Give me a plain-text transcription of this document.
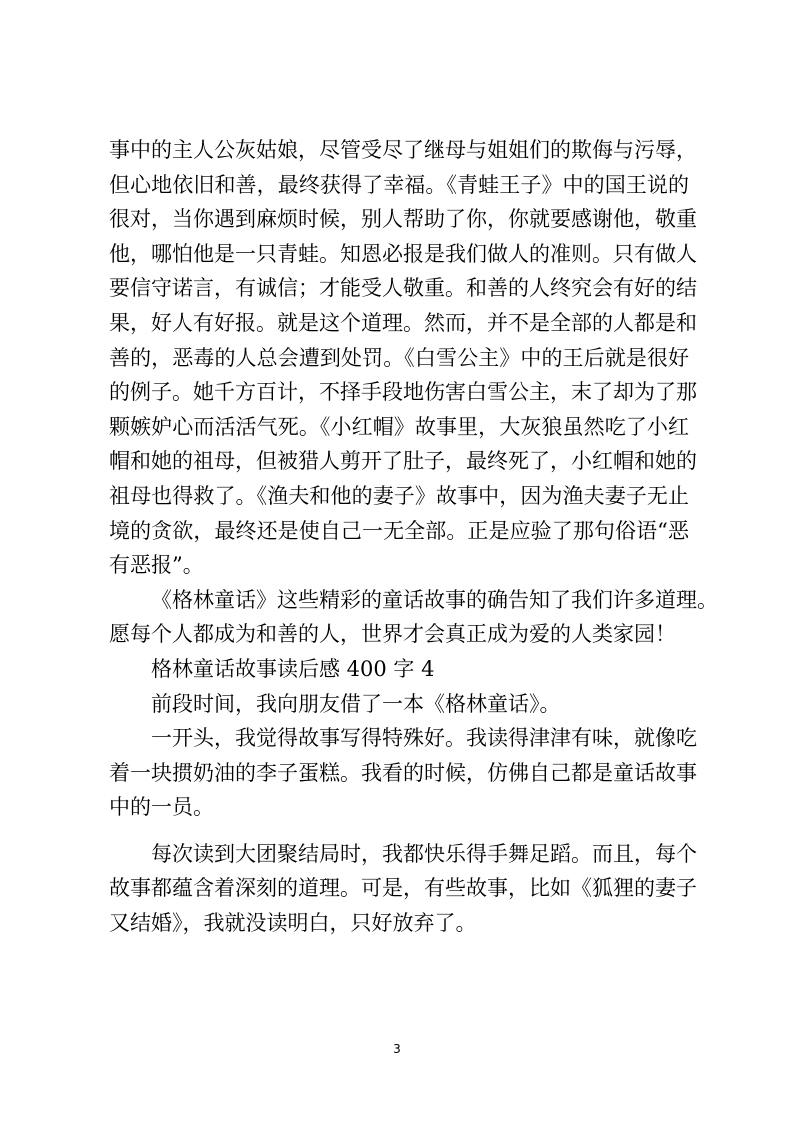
事中的主人公灰姑娘，尽管受尽了继母与姐姐们的欺侮与污辱，
但心地依旧和善，最终获得了幸福。《青蛙王子》中的国王说的
很对，当你遇到麻烦时候，别人帮助了你，你就要感谢他，敬重
他，哪怕他是一只青蛙。知恩必报是我们做人的准则。只有做人
要信守诺言，有诚信；才能受人敬重。和善的人终究会有好的结
果，好人有好报。就是这个道理。然而，并不是全部的人都是和
善的，恶毒的人总会遭到处罚。《白雪公主》中的王后就是很好
的例子。她千方百计，不择手段地伤害白雪公主，末了却为了那
颗嫉妒心而活活气死。《小红帽》故事里，大灰狼虽然吃了小红
帽和她的祖母，但被猎人剪开了肚子，最终死了，小红帽和她的
祖母也得救了。《渔夫和他的妻子》故事中，因为渔夫妻子无止
境的贪欲，最终还是使自己一无全部。正是应验了那句俗语“恶
有恶报”。
《格林童话》这些精彩的童话故事的确告知了我们许多道理。
愿每个人都成为和善的人，世界才会真正成为爱的人类家园！
格林童话故事读后感 400 字 4
前段时间，我向朋友借了一本《格林童话》。
一开头，我觉得故事写得特殊好。我读得津津有味，就像吃
着一块掼奶油的李子蛋糕。我看的时候，仿佛自己都是童话故事
中的一员。
每次读到大团聚结局时，我都快乐得手舞足蹈。而且，每个
故事都蕴含着深刻的道理。可是，有些故事，比如《狐狸的妻子
又结婚》，我就没读明白，只好放弃了。
3
